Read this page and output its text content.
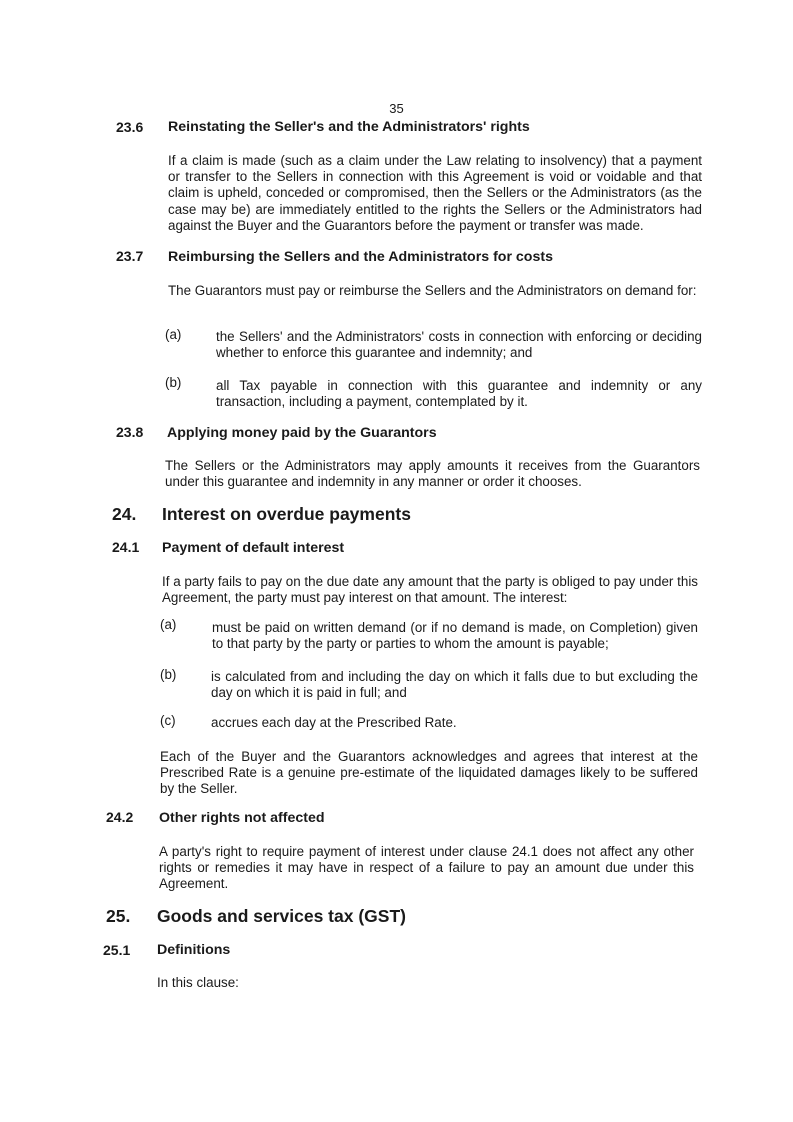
35
23.6 Reinstating the Seller's and the Administrators' rights
If a claim is made (such as a claim under the Law relating to insolvency) that a payment or transfer to the Sellers in connection with this Agreement is void or voidable and that claim is upheld, conceded or compromised, then the Sellers or the Administrators (as the case may be) are immediately entitled to the rights the Sellers or the Administrators had against the Buyer and the Guarantors before the payment or transfer was made.
23.7 Reimbursing the Sellers and the Administrators for costs
The Guarantors must pay or reimburse the Sellers and the Administrators on demand for:
(a)	the Sellers' and the Administrators' costs in connection with enforcing or deciding whether to enforce this guarantee and indemnity; and
(b)	all Tax payable in connection with this guarantee and indemnity or any transaction, including a payment, contemplated by it.
23.8 Applying money paid by the Guarantors
The Sellers or the Administrators may apply amounts it receives from the Guarantors under this guarantee and indemnity in any manner or order it chooses.
24. Interest on overdue payments
24.1 Payment of default interest
If a party fails to pay on the due date any amount that the party is obliged to pay under this Agreement, the party must pay interest on that amount. The interest:
(a)	must be paid on written demand (or if no demand is made, on Completion) given to that party by the party or parties to whom the amount is payable;
(b)	is calculated from and including the day on which it falls due to but excluding the day on which it is paid in full; and
(c)	accrues each day at the Prescribed Rate.
Each of the Buyer and the Guarantors acknowledges and agrees that interest at the Prescribed Rate is a genuine pre-estimate of the liquidated damages likely to be suffered by the Seller.
24.2 Other rights not affected
A party's right to require payment of interest under clause 24.1 does not affect any other rights or remedies it may have in respect of a failure to pay an amount due under this Agreement.
25. Goods and services tax (GST)
25.1 Definitions
In this clause:
